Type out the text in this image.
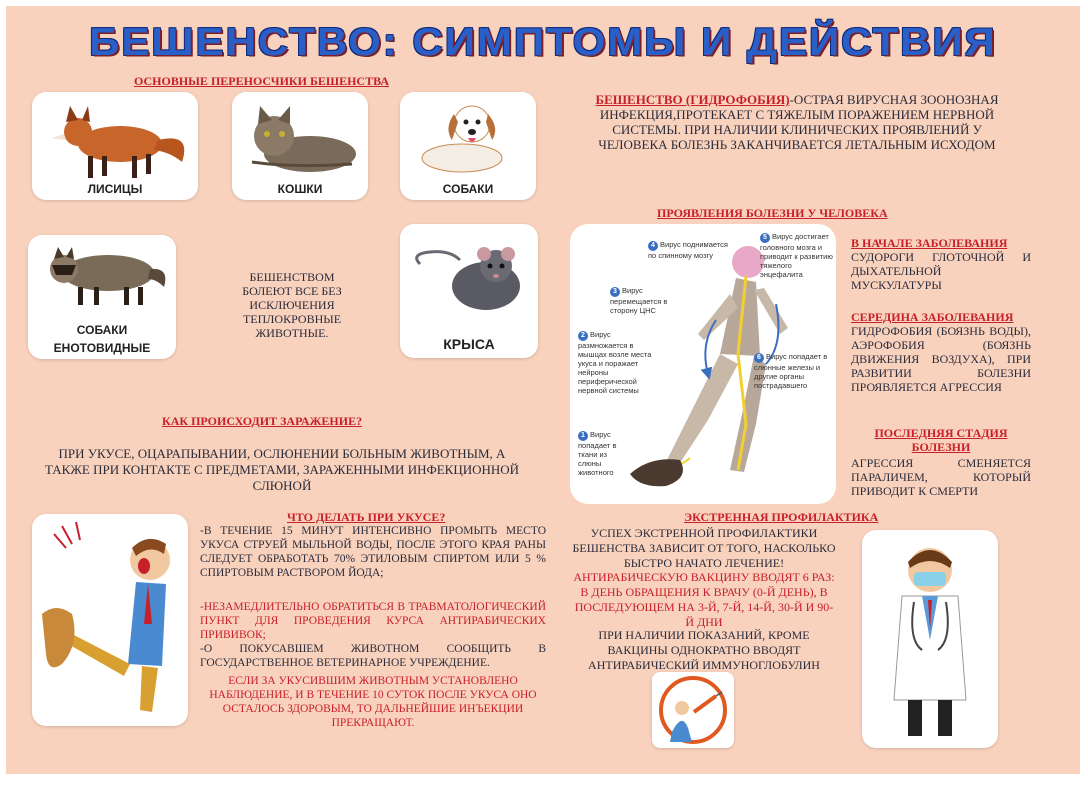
БЕШЕНСТВО: СИМПТОМЫ И ДЕЙСТВИЯ
ОСНОВНЫЕ ПЕРЕНОСЧИКИ БЕШЕНСТВА
ЛИСИЦЫ	КОШКИ	СОБАКИ
СОБАКИ ЕНОТОВИДНЫЕ
БЕШЕНСТВОМ БОЛЕЮТ ВСЕ БЕЗ ИСКЛЮЧЕНИЯ ТЕПЛОКРОВНЫЕ ЖИВОТНЫЕ.
КРЫСА
БЕШЕНСТВО (ГИДРОФОБИЯ)-ОСТРАЯ ВИРУСНАЯ ЗООНОЗНАЯ ИНФЕКЦИЯ,ПРОТЕКАЕТ С ТЯЖЕЛЫМ ПОРАЖЕНИЕМ НЕРВНОЙ СИСТЕМЫ. ПРИ НАЛИЧИИ КЛИНИЧЕСКИХ ПРОЯВЛЕНИЙ У ЧЕЛОВЕКА БОЛЕЗНЬ ЗАКАНЧИВАЕТСЯ ЛЕТАЛЬНЫМ ИСХОДОМ
ПРОЯВЛЕНИЯ БОЛЕЗНИ У ЧЕЛОВЕКА
1 Вирус попадает в ткани из слюны животного
2 Вирус размножается в мышцах возле места укуса и поражает нейроны периферической нервной системы
3 Вирус перемещается в сторону ЦНС
4 Вирус поднимается по спинному мозгу
5 Вирус достигает головного мозга и приводит к развитию тяжелого энцефалита
6 Вирус попадает в слюнные железы и другие органы пострадавшего
В НАЧАЛЕ ЗАБОЛЕВАНИЯ
СУДОРОГИ ГЛОТОЧНОЙ И ДЫХАТЕЛЬНОЙ МУСКУЛАТУРЫ
СЕРЕДИНА ЗАБОЛЕВАНИЯ
ГИДРОФОБИЯ (БОЯЗНЬ ВОДЫ), АЭРОФОБИЯ (БОЯЗНЬ ДВИЖЕНИЯ ВОЗДУХА), ПРИ РАЗВИТИИ БОЛЕЗНИ ПРОЯВЛЯЕТСЯ АГРЕССИЯ
ПОСЛЕДНЯЯ СТАДИЯ БОЛЕЗНИ
АГРЕССИЯ СМЕНЯЕТСЯ ПАРАЛИЧЕМ, КОТОРЫЙ ПРИВОДИТ К СМЕРТИ
КАК ПРОИСХОДИТ ЗАРАЖЕНИЕ?
ПРИ УКУСЕ, ОЦАРАПЫВАНИИ, ОСЛЮНЕНИИ БОЛЬНЫМ ЖИВОТНЫМ, А ТАКЖЕ ПРИ КОНТАКТЕ С ПРЕДМЕТАМИ, ЗАРАЖЕННЫМИ ИНФЕКЦИОННОЙ СЛЮНОЙ
ЧТО ДЕЛАТЬ ПРИ УКУСЕ?
-В ТЕЧЕНИЕ 15 МИНУТ ИНТЕНСИВНО ПРОМЫТЬ МЕСТО УКУСА СТРУЕЙ МЫЛЬНОЙ ВОДЫ, ПОСЛЕ ЭТОГО КРАЯ РАНЫ СЛЕДУЕТ ОБРАБОТАТЬ 70% ЭТИЛОВЫМ СПИРТОМ ИЛИ 5 % СПИРТОВЫМ РАСТВОРОМ ЙОДА;
-НЕЗАМЕДЛИТЕЛЬНО ОБРАТИТЬСЯ В ТРАВМАТОЛОГИЧЕСКИЙ ПУНКТ ДЛЯ ПРОВЕДЕНИЯ КУРСА АНТИРАБИЧЕСКИХ ПРИВИВОК;
-О ПОКУСАВШЕМ ЖИВОТНОМ СООБЩИТЬ В ГОСУДАРСТВЕННОЕ ВЕТЕРИНАРНОЕ УЧРЕЖДЕНИЕ.
ЕСЛИ ЗА УКУСИВШИМ ЖИВОТНЫМ УСТАНОВЛЕНО НАБЛЮДЕНИЕ, И В ТЕЧЕНИЕ 10 СУТОК ПОСЛЕ УКУСА ОНО ОСТАЛОСЬ ЗДОРОВЫМ, ТО ДАЛЬНЕЙШИЕ ИНЪЕКЦИИ ПРЕКРАЩАЮТ.
ЭКСТРЕННАЯ ПРОФИЛАКТИКА
УСПЕХ ЭКСТРЕННОЙ ПРОФИЛАКТИКИ БЕШЕНСТВА ЗАВИСИТ ОТ ТОГО, НАСКОЛЬКО БЫСТРО НАЧАТО ЛЕЧЕНИЕ!
АНТИРАБИЧЕСКУЮ ВАКЦИНУ ВВОДЯТ 6 РАЗ: В ДЕНЬ ОБРАЩЕНИЯ К ВРАЧУ (0-Й ДЕНЬ), В ПОСЛЕДУЮЩЕМ НА 3-Й, 7-Й, 14-Й, 30-Й И 90-Й ДНИ
ПРИ НАЛИЧИИ ПОКАЗАНИЙ, КРОМЕ ВАКЦИНЫ ОДНОКРАТНО ВВОДЯТ АНТИРАБИЧЕСКИЙ ИММУНОГЛОБУЛИН
